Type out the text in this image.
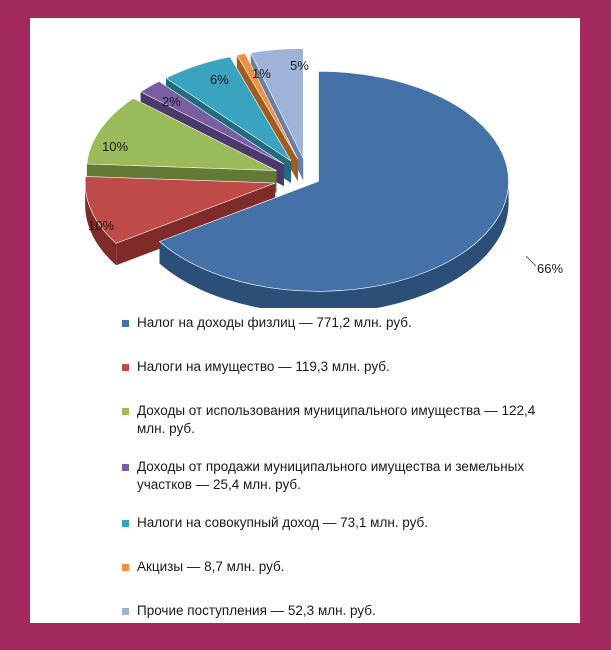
66%
10%
10%
2%
6% 1%
5%
Налог на доходы физлиц — 771,2 млн. руб.
Налоги на имущество — 119,3 млн. руб.
Доходы от использования муниципального имущества — 122,4 млн. руб.
Доходы от продажи муниципального имущества и земельных участков — 25,4 млн. руб.
Налоги на совокупный доход — 73,1 млн. руб.
Акцизы — 8,7 млн. руб.
Прочие поступления — 52,3 млн. руб.
